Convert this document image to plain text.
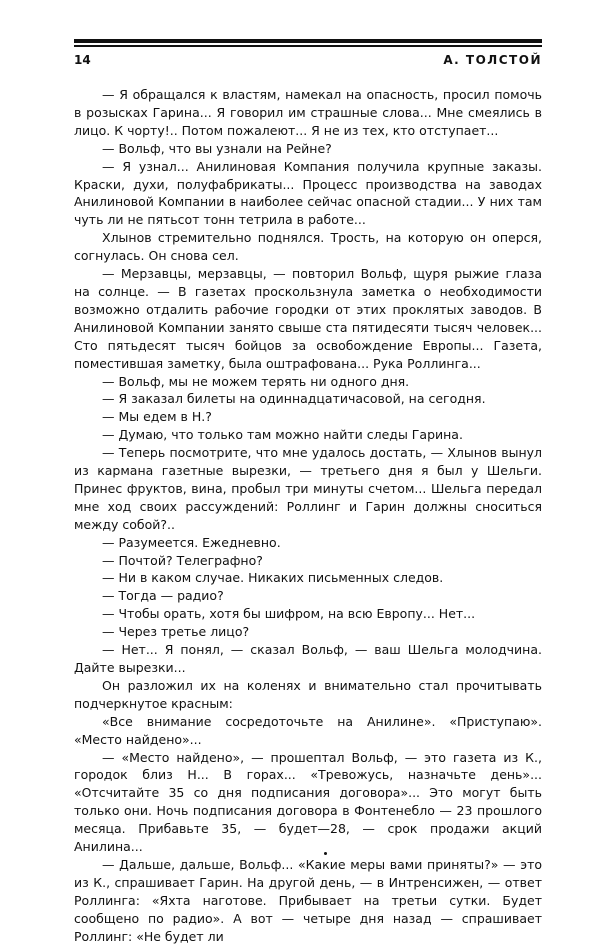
14	А. ТОЛСТОЙ

— Я обращался к властям, намекал на опасность, просил помочь в розысках Гарина... Я говорил им страшные слова... Мне смеялись в лицо. К чорту!.. Потом пожалеют... Я не из тех, кто отступает...

— Вольф, что вы узнали на Рейне?

— Я узнал... Анилиновая Компания получила крупные заказы. Краски, духи, полуфабрикаты... Процесс производства на заводах Анилиновой Компании в наиболее сейчас опасной стадии... У них там чуть ли не пятьсот тонн тетрила в работе...

Хлынов стремительно поднялся. Трость, на которую он оперся, согнулась. Он снова сел.

— Мерзавцы, мерзавцы, — повторил Вольф, щуря рыжие глаза на солнце. — В газетах проскользнула заметка о необходимости возможно отдалить рабочие городки от этих проклятых заводов. В Анилиновой Компании занято свыше ста пятидесяти тысяч человек... Сто пятьдесят тысяч бойцов за освобождение Европы... Газета, поместившая заметку, была оштрафована... Рука Роллинга...

— Вольф, мы не можем терять ни одного дня.

— Я заказал билеты на одиннадцатичасовой, на сегодня.

— Мы едем в Н.?

— Думаю, что только там можно найти следы Гарина.

— Теперь посмотрите, что мне удалось достать, — Хлынов вынул из кармана газетные вырезки, — третьего дня я был у Шельги. Принес фруктов, вина, пробыл три минуты счетом... Шельга передал мне ход своих рассуждений: Роллинг и Гарин должны сноситься между собой?..

— Разумеется. Ежедневно.

— Почтой? Телеграфно?

— Ни в каком случае. Никаких письменных следов.

— Тогда — радио?

— Чтобы орать, хотя бы шифром, на всю Европу... Нет...

— Через третье лицо?

— Нет... Я понял, — сказал Вольф, — ваш Шельга молодчина. Дайте вырезки...

Он разложил их на коленях и внимательно стал прочитывать подчеркнутое красным:

«Все внимание сосредоточьте на Анилине». «Приступаю». «Место найдено»...

— «Место найдено», — прошептал Вольф, — это газета из К., городок близ Н... В горах... «Тревожусь, назначьте день»... «Отсчитайте 35 со дня подписания договора»... Это могут быть только они. Ночь подписания договора в Фонтенебло — 23 прошлого месяца. Прибавьте 35, — будет—28, — срок продажи акций Анилина...

— Дальше, дальше, Вольф... «Какие меры вами приняты?» — это из К., спрашивает Гарин. На другой день, — в Интренсижен, — ответ Роллинга: «Яхта наготове. Прибывает на третьи сутки. Будет сообщено по радио». А вот — четыре дня назад — спрашивает Роллинг: «Не будет ли
